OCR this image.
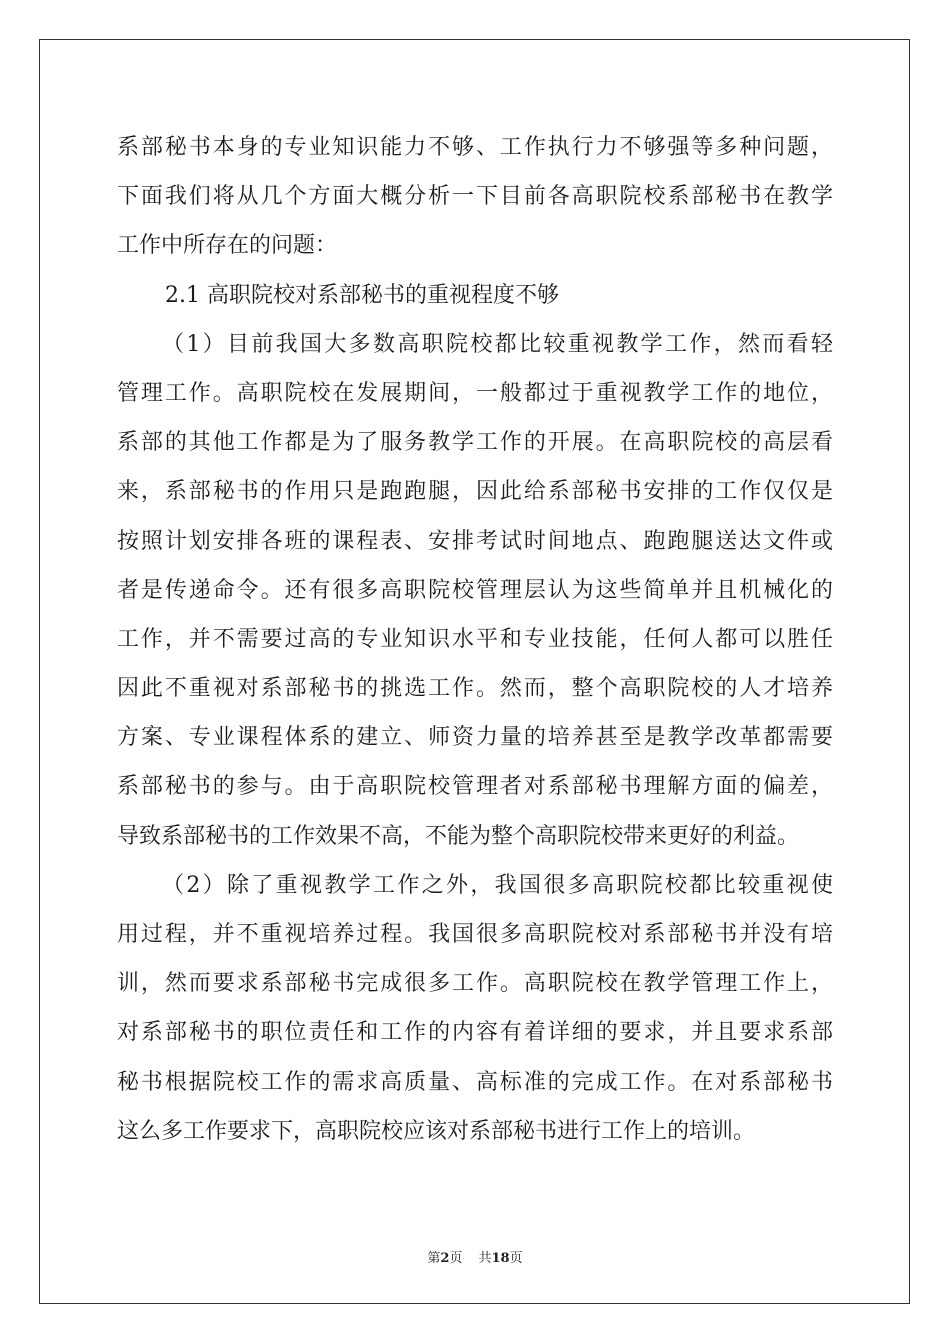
系部秘书本身的专业知识能力不够、工作执行力不够强等多种问题，
下面我们将从几个方面大概分析一下目前各高职院校系部秘书在教学
工作中所存在的问题：
2.1 高职院校对系部秘书的重视程度不够
（1）目前我国大多数高职院校都比较重视教学工作，然而看轻
管理工作。高职院校在发展期间，一般都过于重视教学工作的地位，
系部的其他工作都是为了服务教学工作的开展。在高职院校的高层看
来，系部秘书的作用只是跑跑腿，因此给系部秘书安排的工作仅仅是
按照计划安排各班的课程表、安排考试时间地点、跑跑腿送达文件或
者是传递命令。还有很多高职院校管理层认为这些简单并且机械化的
工作，并不需要过高的专业知识水平和专业技能，任何人都可以胜任
因此不重视对系部秘书的挑选工作。然而，整个高职院校的人才培养
方案、专业课程体系的建立、师资力量的培养甚至是教学改革都需要
系部秘书的参与。由于高职院校管理者对系部秘书理解方面的偏差，
导致系部秘书的工作效果不高，不能为整个高职院校带来更好的利益。
（2）除了重视教学工作之外，我国很多高职院校都比较重视使
用过程，并不重视培养过程。我国很多高职院校对系部秘书并没有培
训，然而要求系部秘书完成很多工作。高职院校在教学管理工作上，
对系部秘书的职位责任和工作的内容有着详细的要求，并且要求系部
秘书根据院校工作的需求高质量、高标准的完成工作。在对系部秘书
这么多工作要求下，高职院校应该对系部秘书进行工作上的培训。
第2页 共18页
